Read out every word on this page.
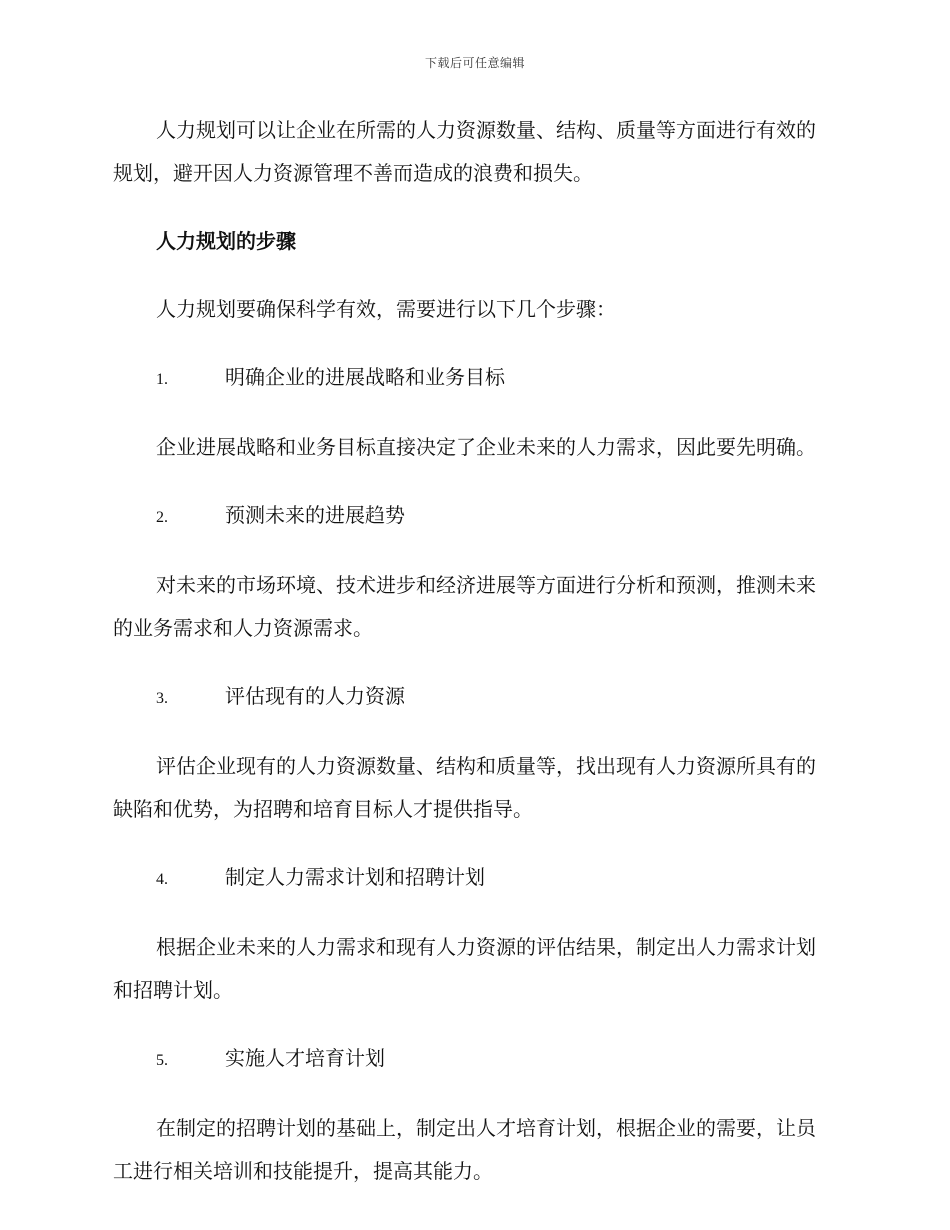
下载后可任意编辑

人力规划可以让企业在所需的人力资源数量、结构、质量等方面进行有效的规划，避开因人力资源管理不善而造成的浪费和损失。

人力规划的步骤

人力规划要确保科学有效，需要进行以下几个步骤：

1.	明确企业的进展战略和业务目标

企业进展战略和业务目标直接决定了企业未来的人力需求，因此要先明确。

2.	预测未来的进展趋势

对未来的市场环境、技术进步和经济进展等方面进行分析和预测，推测未来的业务需求和人力资源需求。

3.	评估现有的人力资源

评估企业现有的人力资源数量、结构和质量等，找出现有人力资源所具有的缺陷和优势，为招聘和培育目标人才提供指导。

4.	制定人力需求计划和招聘计划

根据企业未来的人力需求和现有人力资源的评估结果，制定出人力需求计划和招聘计划。

5.	实施人才培育计划

在制定的招聘计划的基础上，制定出人才培育计划，根据企业的需要，让员工进行相关培训和技能提升，提高其能力。
